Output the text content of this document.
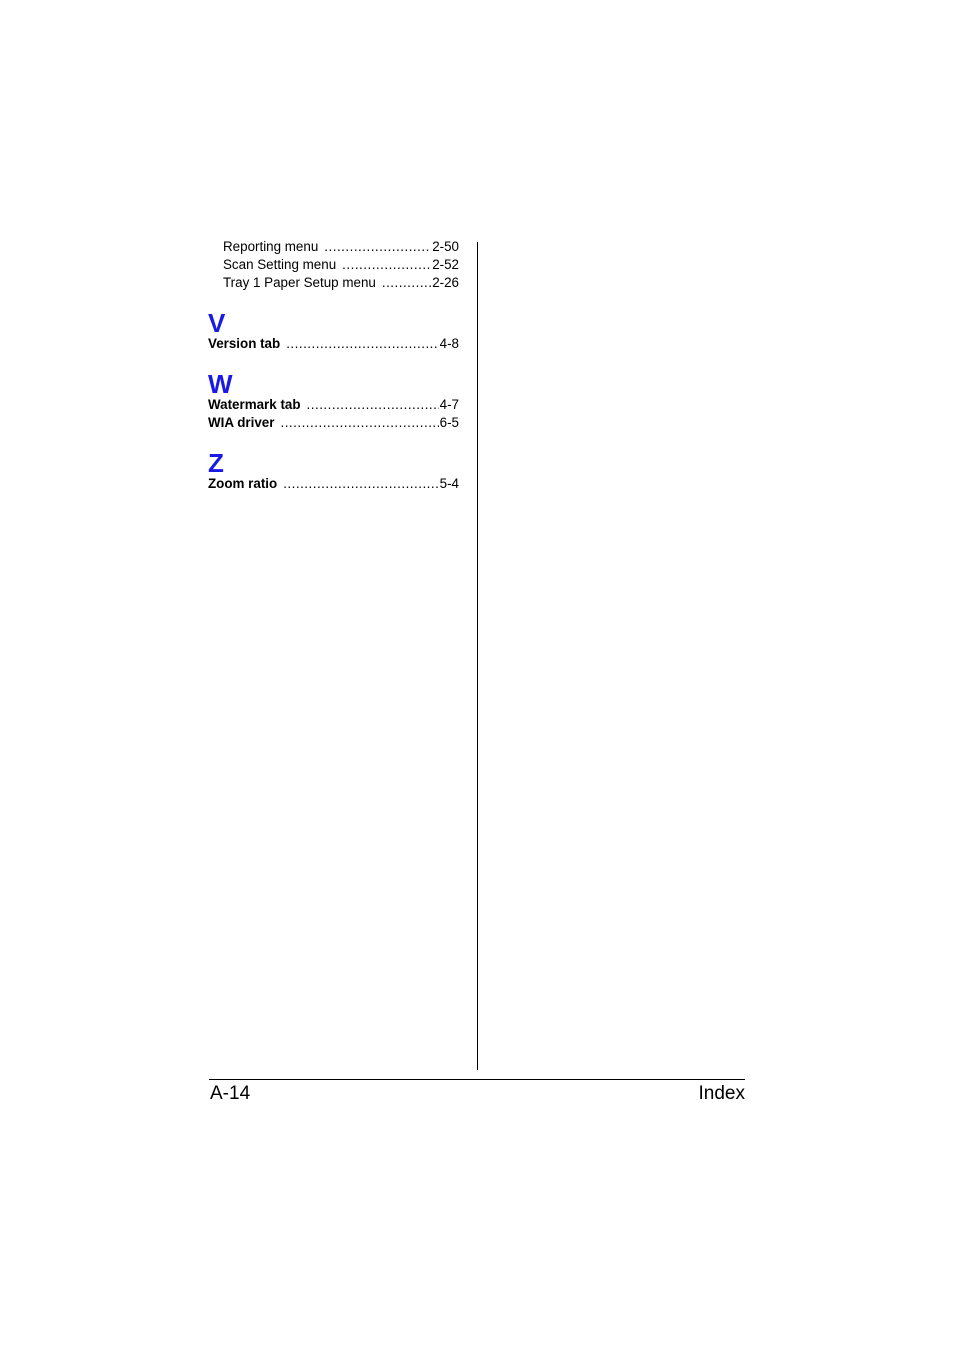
Reporting menu .....	2-50
Scan Setting menu .....	2-52
Tray 1 Paper Setup menu .....	2-26
V
Version tab .....	4-8
W
Watermark tab .....	4-7
WIA driver .....	6-5
Z
Zoom ratio .....	5-4
A-14	Index
